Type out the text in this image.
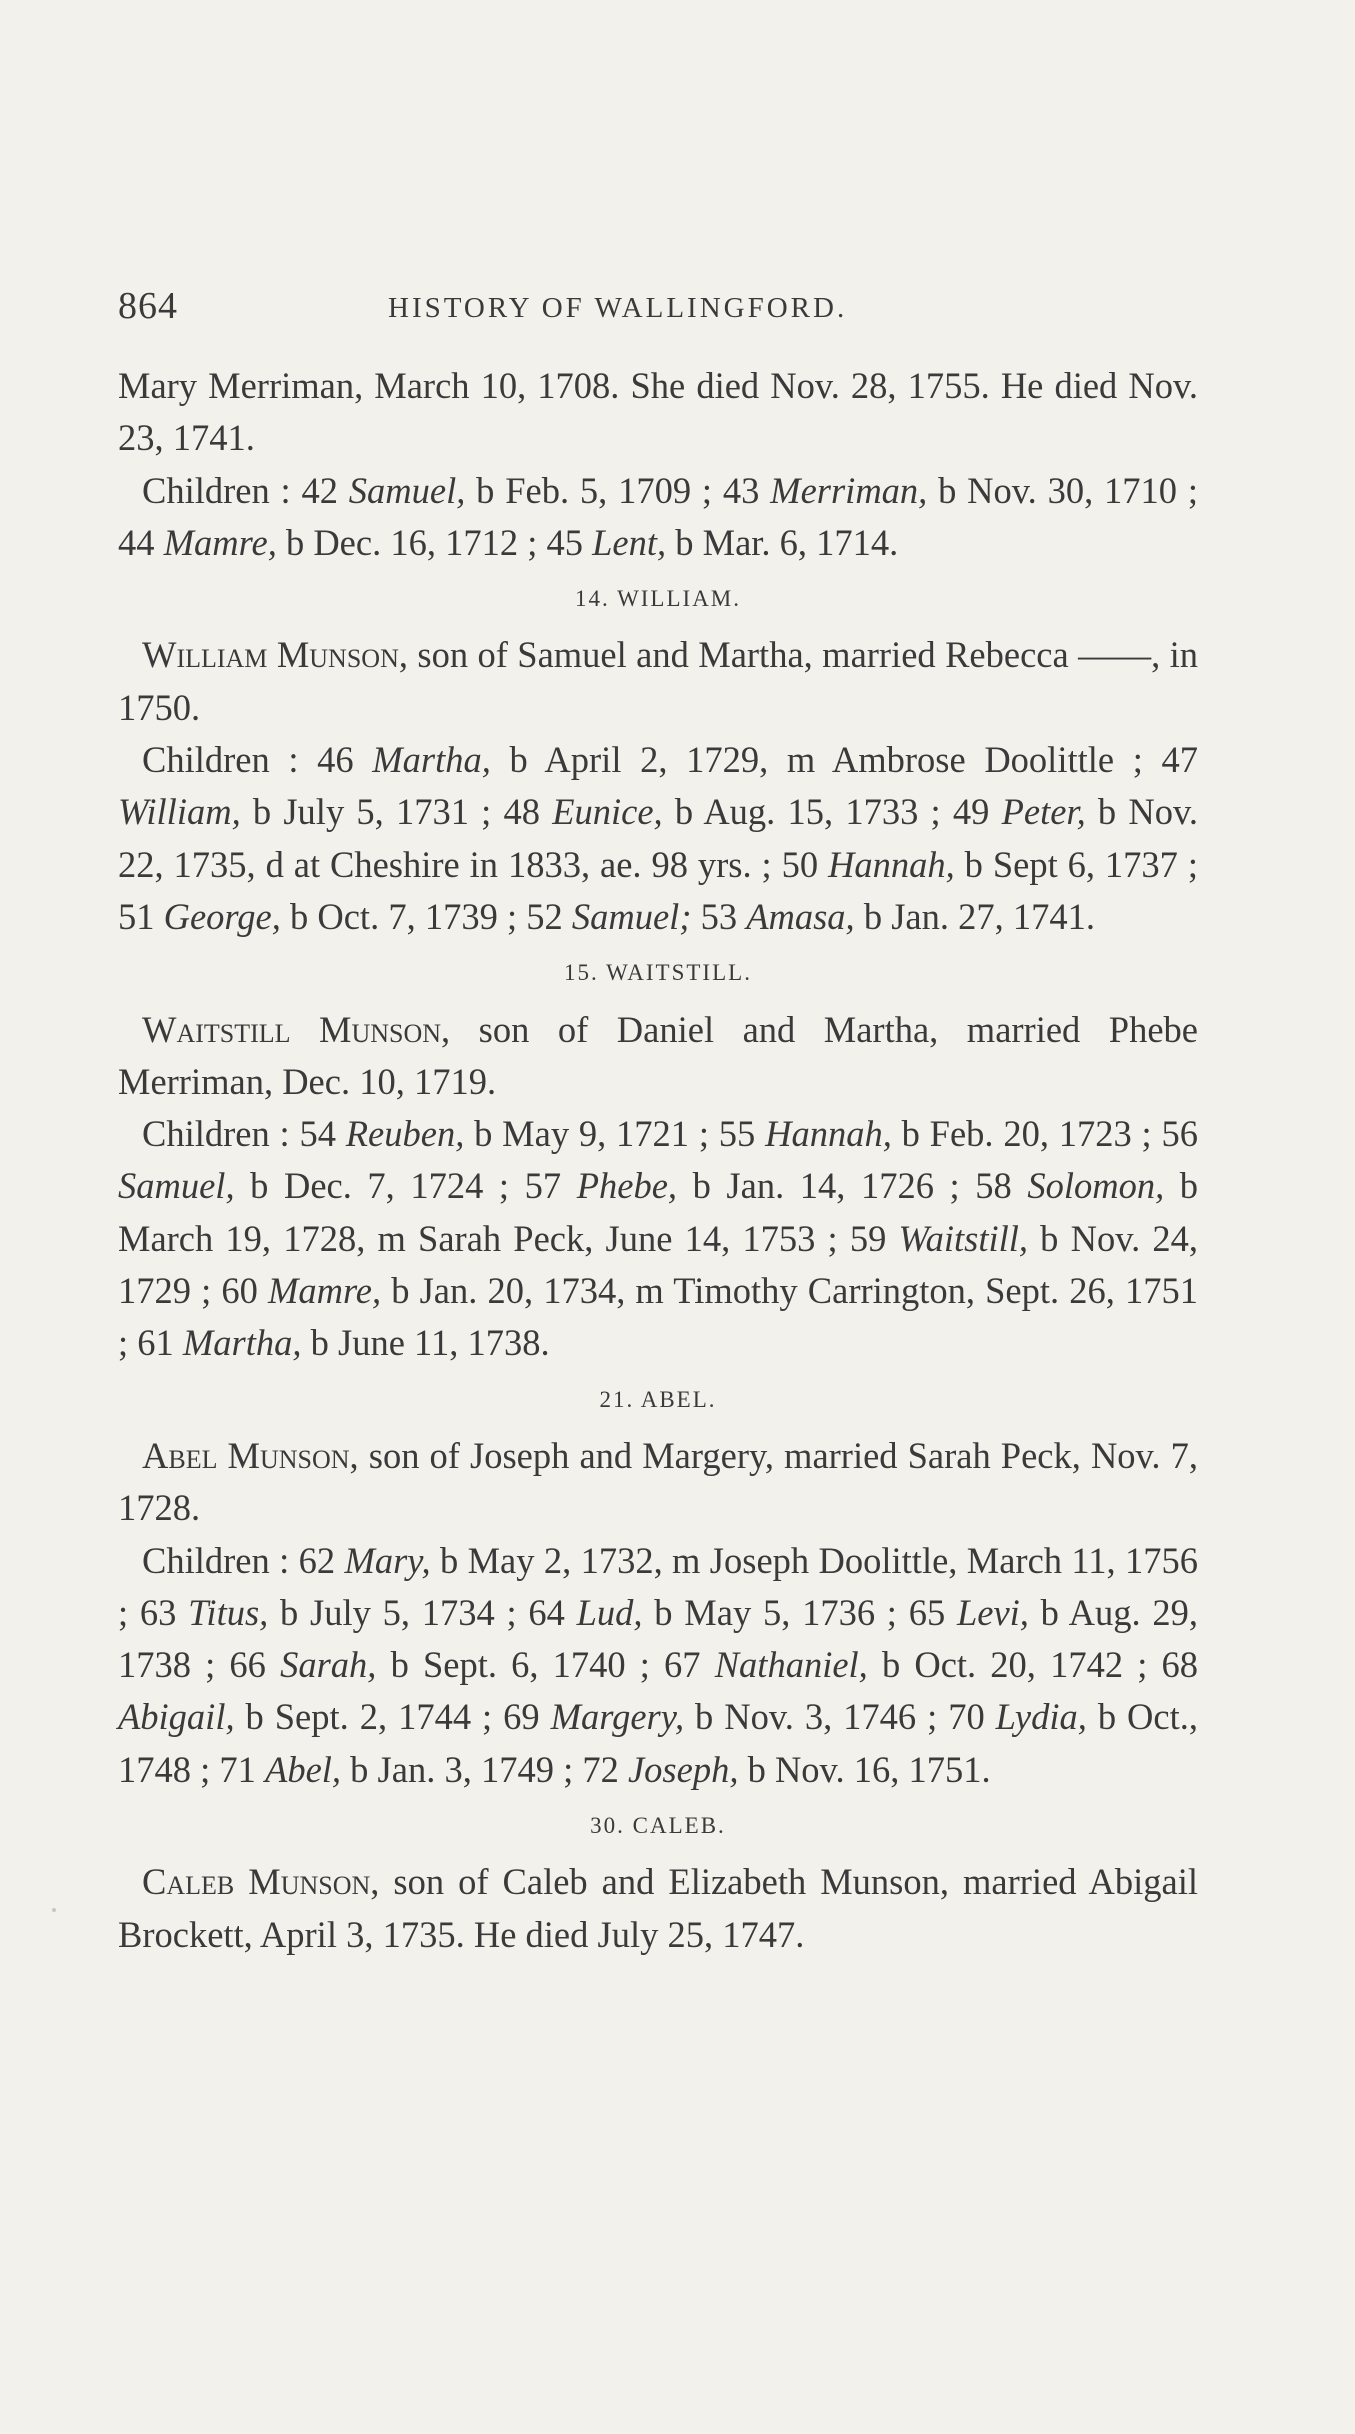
864	HISTORY OF WALLINGFORD.

Mary Merriman, March 10, 1708. She died Nov. 28, 1755. He died Nov. 23, 1741.

Children : 42 Samuel, b Feb. 5, 1709 ; 43 Merriman, b Nov. 30, 1710 ; 44 Mamre, b Dec. 16, 1712 ; 45 Lent, b Mar. 6, 1714.

14. WILLIAM.

William Munson, son of Samuel and Martha, married Rebecca ——, in 1750.

Children : 46 Martha, b April 2, 1729, m Ambrose Doolittle ; 47 William, b July 5, 1731 ; 48 Eunice, b Aug. 15, 1733 ; 49 Peter, b Nov. 22, 1735, d at Cheshire in 1833, ae. 98 yrs. ; 50 Hannah, b Sept 6, 1737 ; 51 George, b Oct. 7, 1739 ; 52 Samuel; 53 Amasa, b Jan. 27, 1741.

15. WAITSTILL.

Waitstill Munson, son of Daniel and Martha, married Phebe Merriman, Dec. 10, 1719.

Children : 54 Reuben, b May 9, 1721 ; 55 Hannah, b Feb. 20, 1723 ; 56 Samuel, b Dec. 7, 1724 ; 57 Phebe, b Jan. 14, 1726 ; 58 Solomon, b March 19, 1728, m Sarah Peck, June 14, 1753 ; 59 Waitstill, b Nov. 24, 1729 ; 60 Mamre, b Jan. 20, 1734, m Timothy Carrington, Sept. 26, 1751 ; 61 Martha, b June 11, 1738.

21. ABEL.

Abel Munson, son of Joseph and Margery, married Sarah Peck, Nov. 7, 1728.

Children : 62 Mary, b May 2, 1732, m Joseph Doolittle, March 11, 1756 ; 63 Titus, b July 5, 1734 ; 64 Lud, b May 5, 1736 ; 65 Levi, b Aug. 29, 1738 ; 66 Sarah, b Sept. 6, 1740 ; 67 Nathaniel, b Oct. 20, 1742 ; 68 Abigail, b Sept. 2, 1744 ; 69 Margery, b Nov. 3, 1746 ; 70 Lydia, b Oct., 1748 ; 71 Abel, b Jan. 3, 1749 ; 72 Joseph, b Nov. 16, 1751.

30. CALEB.

Caleb Munson, son of Caleb and Elizabeth Munson, married Abigail Brockett, April 3, 1735. He died July 25, 1747.
